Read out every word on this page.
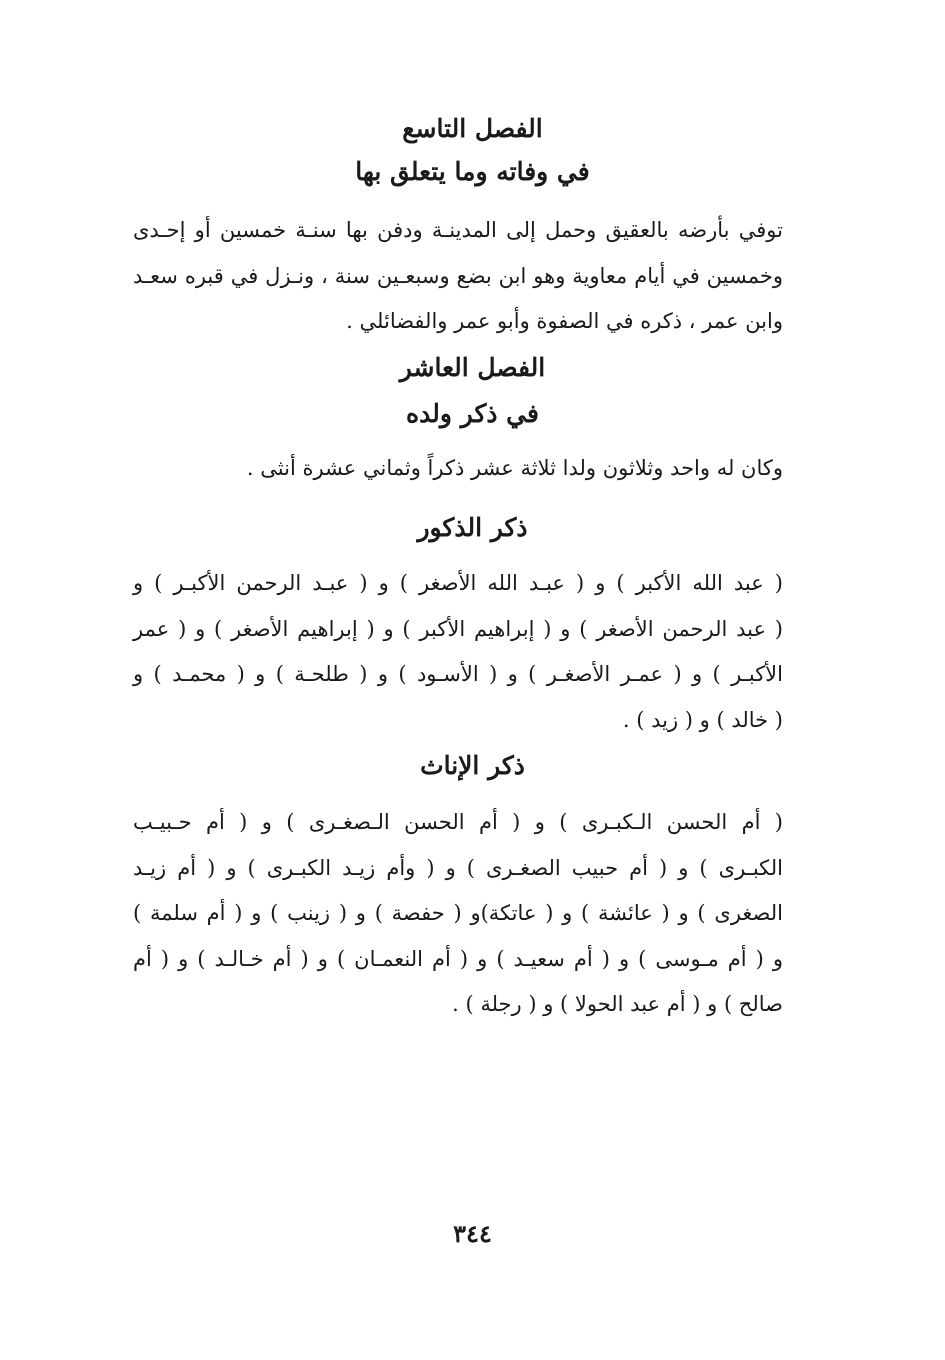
الفصل التاسع
في وفاته وما يتعلق بها
توفي بأرضه بالعقيق وحمل إلى المدينـة ودفن بها سنـة خمسين أو إحـدى
وخمسين في أيام معاوية وهو ابن بضع وسبعـين سنة ، ونـزل في قبره سعـد
وابن عمر ، ذكره في الصفوة وأبو عمر والفضائلي .
الفصل العاشر
في ذكر ولده
وكان له واحد وثلاثون ولدا ثلاثة عشر ذكراً وثماني عشرة أنثى .
ذكر الذكور
( عبد الله الأكبر ) و ( عبـد الله الأصغر ) و ( عبـد الرحمن الأكبـر ) و
( عبد الرحمن الأصغر ) و ( إبراهيم الأكبر ) و ( إبراهيم الأصغر ) و ( عمر
الأكبـر ) و ( عمـر الأصغـر ) و ( الأسـود ) و ( طلحـة ) و ( محمـد ) و
( خالد ) و ( زيد ) .
ذكر الإناث
( أم الحسن الـكبـرى ) و ( أم الحسن الـصغـرى ) و ( أم حـبيـب
الكبـرى ) و ( أم حبيب الصغـرى ) و ( وأم زيـد الكبـرى ) و ( أم زيـد
الصغرى ) و ( عائشة ) و ( عاتكة)و ( حفصة ) و ( زينب ) و ( أم سلمة )
و ( أم مـوسى ) و ( أم سعيـد ) و ( أم النعمـان ) و ( أم خـالـد ) و ( أم
صالح ) و ( أم عبد الحولا ) و ( رجلة ) .
٣٤٤
